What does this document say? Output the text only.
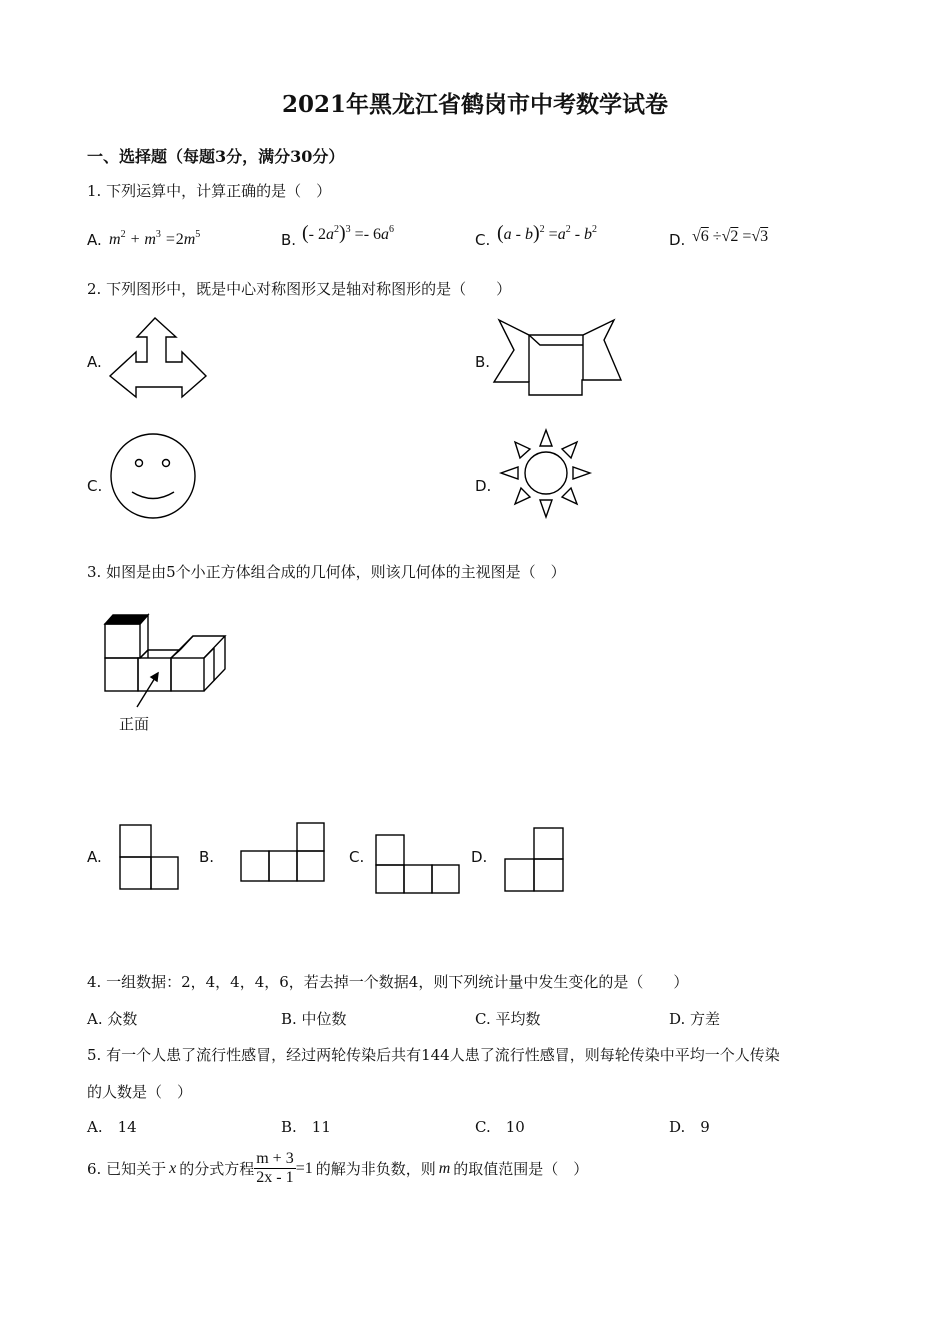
2021年黑龙江省鹤岗市中考数学试卷
一、选择题（每题3分，满分30分）
1. 下列运算中，计算正确的是（　）
A. $m^2 + m^3 =2m^5$	B. (- $2a^2)^3 =- 6a^6$
C. $(a - b)^2 =a^2 - b^2$
D. √6 ÷√2 =√3
2. 下列图形中，既是中心对称图形又是轴对称图形的是（　　）
A.	B.
C.	D.
3. 如图是由5个小正方体组合成的几何体，则该几何体的主视图是（　）
正面
A.	B.	C.	D.
4. 一组数据：2，4，4，4，6，若去掉一个数据4，则下列统计量中发生变化的是（　　）
A. 众数	B. 中位数	C. 平均数	D. 方差
5. 有一个人患了流行性感冒，经过两轮传染后共有144人患了流行性感冒，则每轮传染中平均一个人传染
的人数是（　）
A.　14	B.　11	C.　10	D.　9
6. 已知关于 x 的分式方程 $\frac{m + 3}{2x - 1} =1$ 的解为非负数，则 m 的取值范围是（　）
